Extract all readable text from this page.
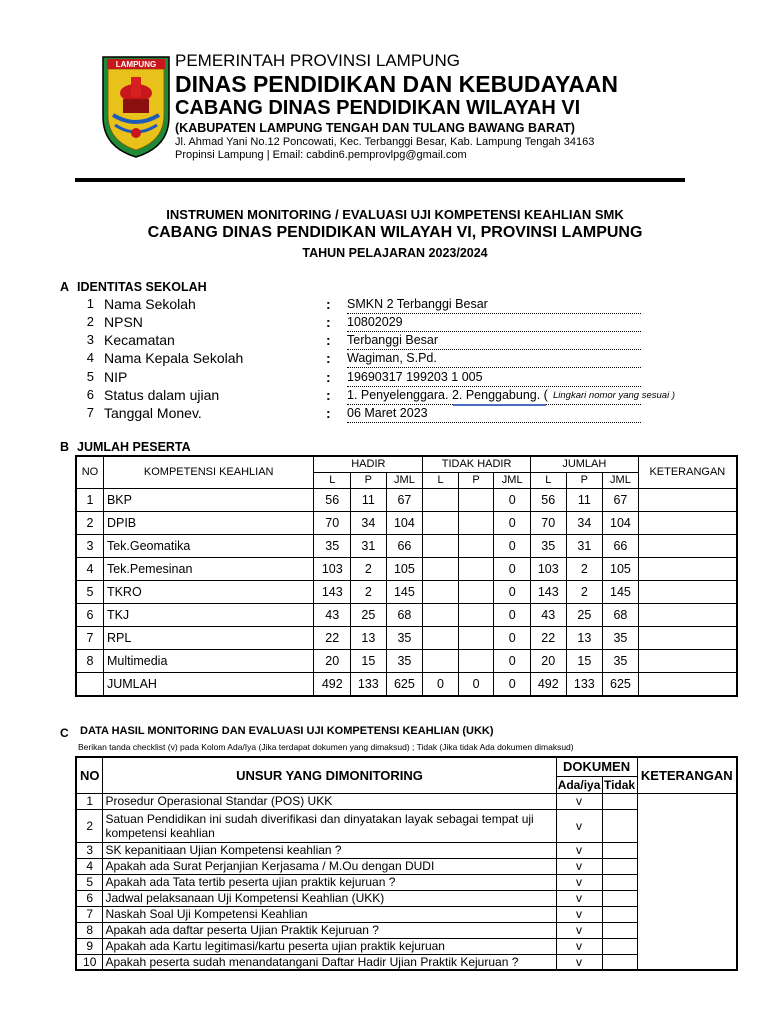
LAMPUNG PEMERINTAH PROVINSI LAMPUNG
DINAS PENDIDIKAN DAN KEBUDAYAAN
CABANG DINAS PENDIDIKAN WILAYAH VI
(KABUPATEN LAMPUNG TENGAH DAN TULANG BAWANG BARAT)
Jl. Ahmad Yani No.12 Poncowati, Kec. Terbanggi Besar, Kab. Lampung Tengah 34163
Propinsi Lampung | Email: cabdin6.pemprovlpg@gmail.com
INSTRUMEN MONITORING / EVALUASI UJI KOMPETENSI KEAHLIAN SMK
CABANG DINAS PENDIDIKAN WILAYAH VI, PROVINSI LAMPUNG
TAHUN PELAJARAN 2023/2024
A IDENTITAS SEKOLAH
1 Nama Sekolah	: SMKN 2 Terbanggi Besar
2 NPSN	: 10802029
3 Kecamatan	: Terbanggi Besar
4 Nama Kepala Sekolah	: Wagiman, S.Pd.
5 NIP	: 19690317 199203 1 005
6 Status dalam ujian	: 1. Penyelenggara. 2. Penggabung. ( Lingkari nomor yang sesuai )
7 Tanggal Monev.	: 06 Maret 2023
B JUMLAH PESERTA
NO	KOMPETENSI KEAHLIAN	HADIR			TIDAK HADIR			JUMLAH			KETERANGAN
		L	P	JML	L	P	JML	L	P	JML	
1	BKP	56	11	67			0	56	11	67	
2	DPIB	70	34	104			0	70	34	104	
3	Tek.Geomatika	35	31	66			0	35	31	66	
4	Tek.Pemesinan	103	2	105			0	103	2	105	
5	TKRO	143	2	145			0	143	2	145	
6	TKJ	43	25	68			0	43	25	68	
7	RPL	22	13	35			0	22	13	35	
8	Multimedia	20	15	35			0	20	15	35	
	JUMLAH	492	133	625	0	0	0	492	133	625	
C DATA HASIL MONITORING DAN EVALUASI UJI KOMPETENSI KEAHLIAN (UKK)
Berikan tanda checklist (v) pada Kolom Ada/Iya (Jika terdapat dokumen yang dimaksud) ; Tidak (Jika tidak Ada dokumen dimaksud)
NO	UNSUR YANG DIMONITORING	DOKUMEN		KETERANGAN
		Ada/iya	Tidak	
1	Prosedur Operasional Standar (POS) UKK	v		
2	Satuan Pendidikan ini sudah diverifikasi dan dinyatakan layak sebagai tempat uji kompetensi keahlian	v		
3	SK kepanitiaan Ujian Kompetensi keahlian ?	v		
4	Apakah ada Surat Perjanjian Kerjasama / M.Ou dengan DUDI	v		
5	Apakah ada Tata tertib peserta ujian praktik kejuruan ?	v		
6	Jadwal pelaksanaan Uji Kompetensi Keahlian (UKK)	v		
7	Naskah Soal Uji Kompetensi Keahlian	v		
8	Apakah ada daftar peserta Ujian Praktik Kejuruan ?	v		
9	Apakah ada Kartu legitimasi/kartu peserta ujian praktik kejuruan	v		
10	Apakah peserta sudah menandatangani Daftar Hadir Ujian Praktik Kejuruan ?	v		
